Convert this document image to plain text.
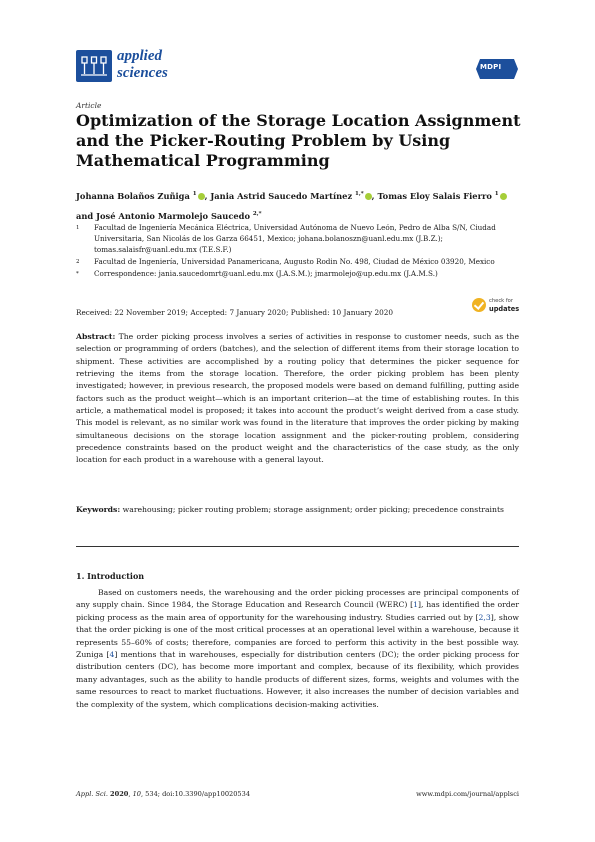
applied
sciences	MDPI
Article
Optimization of the Storage Location Assignment and the Picker-Routing Problem by Using Mathematical Programming
Johanna Bolaños Zuñiga $^1$ , Jania Astrid Saucedo Martínez $^{1,*}$ , Tomas Eloy Salais Fierro $^1$ and José Antonio Marmolejo Saucedo $^{2,*}$
1	Facultad de Ingeniería Mecánica Eléctrica, Universidad Autónoma de Nuevo León, Pedro de Alba S/N, Ciudad Universitaria, San Nicolás de los Garza 66451, Mexico; johana.bolanoszn@uanl.edu.mx (J.B.Z.); tomas.salaisfr@uanl.edu.mx (T.E.S.F.)
2	Facultad de Ingeniería, Universidad Panamericana, Augusto Rodin No. 498, Ciudad de México 03920, Mexico
*	Correspondence: jania.saucedomrt@uanl.edu.mx (J.A.S.M.); jmarmolejo@up.edu.mx (J.A.M.S.)
check for
updates
Received: 22 November 2019; Accepted: 7 January 2020; Published: 10 January 2020
Abstract: The order picking process involves a series of activities in response to customer needs, such as the selection or programming of orders (batches), and the selection of different items from their storage location to shipment. These activities are accomplished by a routing policy that determines the picker sequence for retrieving the items from the storage location. Therefore, the order picking problem has been plenty investigated; however, in previous research, the proposed models were based on demand fulfilling, putting aside factors such as the product weight—which is an important criterion—at the time of establishing routes. In this article, a mathematical model is proposed; it takes into account the product’s weight derived from a case study. This model is relevant, as no similar work was found in the literature that improves the order picking by making simultaneous decisions on the storage location assignment and the picker-routing problem, considering precedence constraints based on the product weight and the characteristics of the case study, as the only location for each product in a warehouse with a general layout.
Keywords: warehousing; picker routing problem; storage assignment; order picking; precedence constraints
1. Introduction
Based on customers needs, the warehousing and the order picking processes are principal components of any supply chain. Since 1984, the Storage Education and Research Council (WERC) [1], has identified the order picking process as the main area of opportunity for the warehousing industry. Studies carried out by [2,3], show that the order picking is one of the most critical processes at an operational level within a warehouse, because it represents 55–60% of costs; therefore, companies are forced to perform this activity in the best possible way. Zuniga [4] mentions that in warehouses, especially for distribution centers (DC); the order picking process for distribution centers (DC), has become more important and complex, because of its flexibility, which provides many advantages, such as the ability to handle products of different sizes, forms, weights and volumes with the same resources to react to market fluctuations. However, it also increases the number of decision variables and the complexity of the system, which complications decision-making activities.
Appl. Sci. 2020, 10, 534; doi:10.3390/app10020534	www.mdpi.com/journal/applsci
